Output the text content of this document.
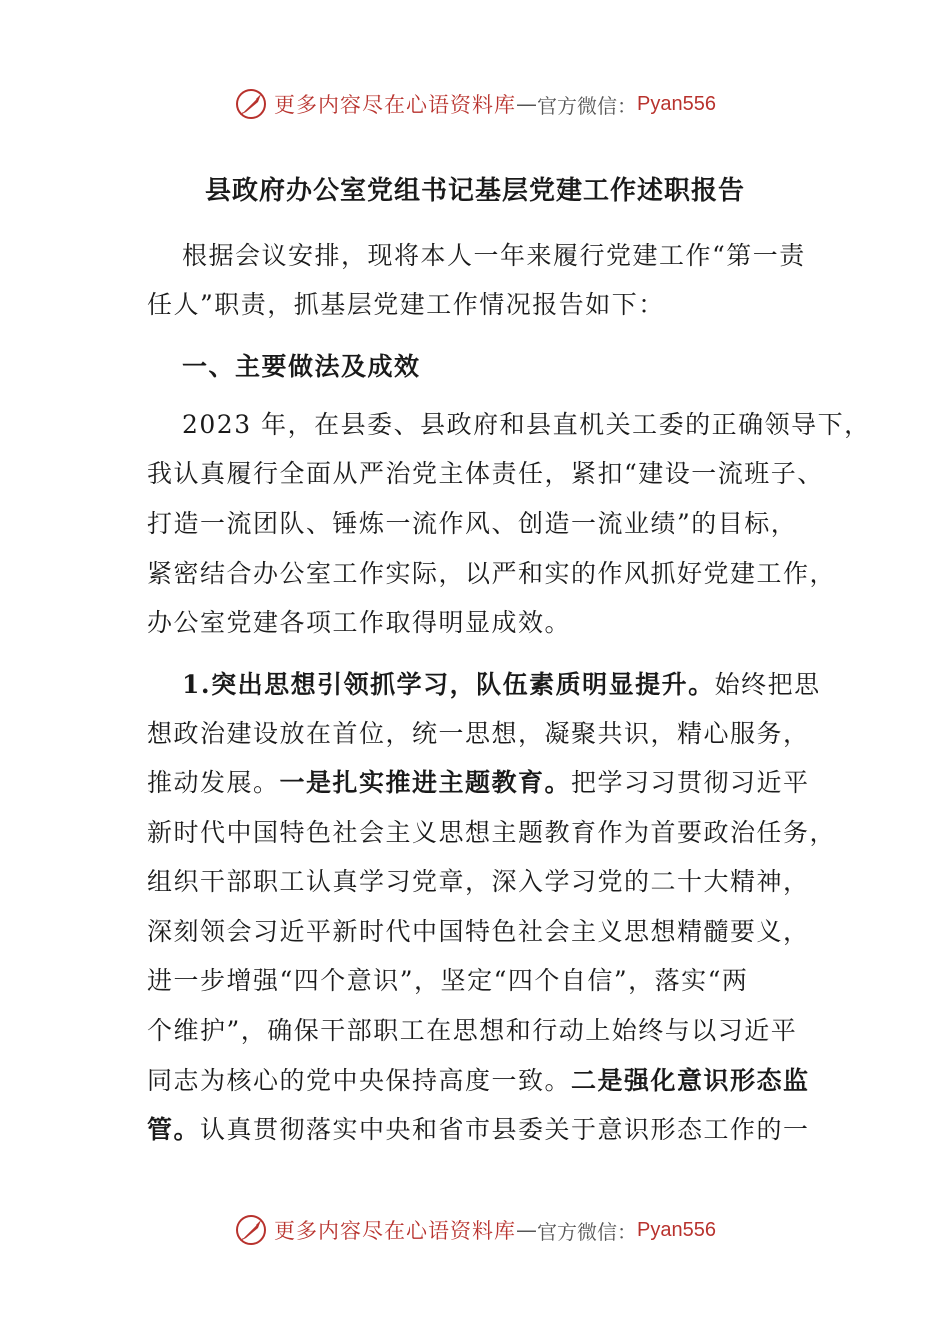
更多内容尽在心语资料库 — 官方微信： Pyan556
县政府办公室党组书记基层党建工作述职报告
根据会议安排，现将本人一年来履行党建工作“第一责
任人”职责，抓基层党建工作情况报告如下：
一、主要做法及成效
2023 年，在县委、县政府和县直机关工委的正确领导下，
我认真履行全面从严治党主体责任，紧扣“建设一流班子、
打造一流团队、锤炼一流作风、创造一流业绩”的目标，
紧密结合办公室工作实际，以严和实的作风抓好党建工作，
办公室党建各项工作取得明显成效。
1.突出思想引领抓学习，队伍素质明显提升。始终把思
想政治建设放在首位，统一思想，凝聚共识，精心服务，
推动发展。一是扎实推进主题教育。把学习习贯彻习近平
新时代中国特色社会主义思想主题教育作为首要政治任务，
组织干部职工认真学习党章，深入学习党的二十大精神，
深刻领会习近平新时代中国特色社会主义思想精髓要义，
进一步增强“四个意识”，坚定“四个自信”，落实“两
个维护”，确保干部职工在思想和行动上始终与以习近平
同志为核心的党中央保持高度一致。二是强化意识形态监
管。认真贯彻落实中央和省市县委关于意识形态工作的一
更多内容尽在心语资料库 — 官方微信： Pyan556
